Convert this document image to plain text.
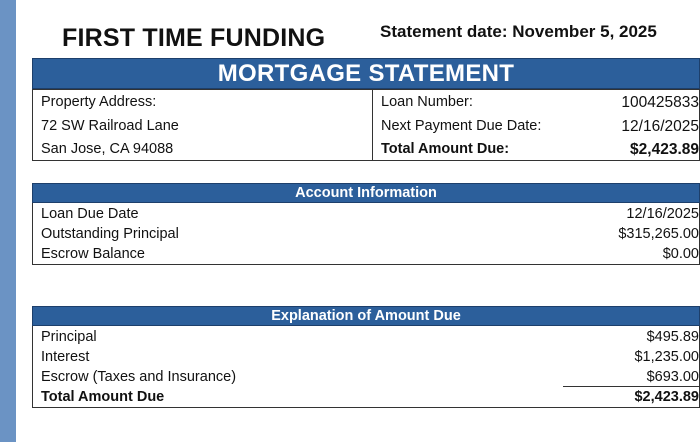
FIRST TIME FUNDING	Statement date: November 5, 2025
MORTGAGE STATEMENT
Property Address:
72 SW Railroad Lane
San Jose, CA 94088
Loan Number:	100425833
Next Payment Due Date:	12/16/2025
Total Amount Due:	$2,423.89
Loan Due Date	12/16/2025
Outstanding Principal	$315,265.00
Escrow Balance	$0.00
Account Information
Principal	$495.89
Interest	$1,235.00
Escrow (Taxes and Insurance)	$693.00
Total Amount Due	$2,423.89
Explanation of Amount Due
